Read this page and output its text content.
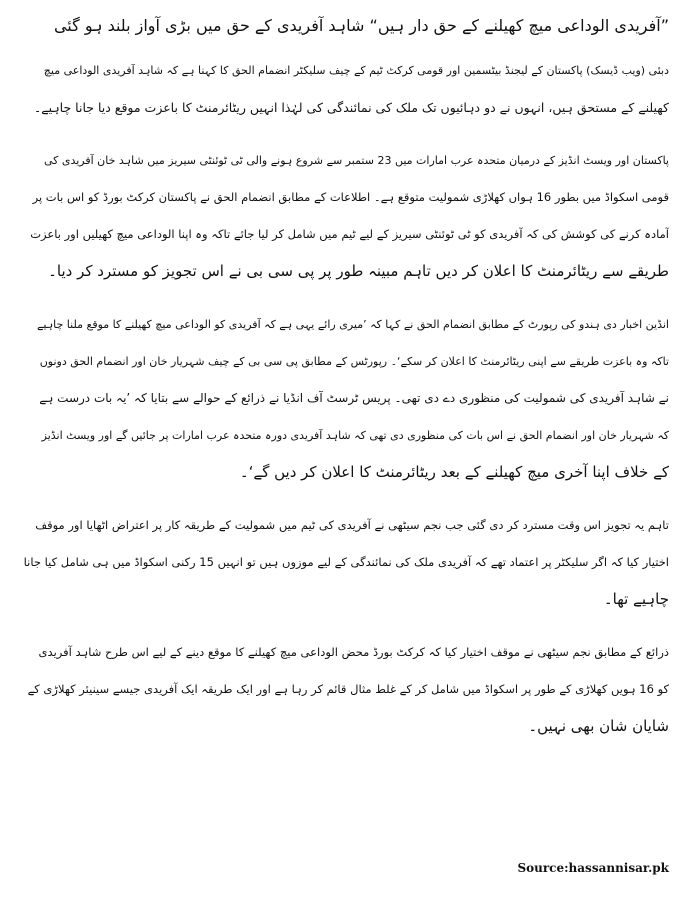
”آفریدی الوداعی میچ کھیلنے کے حق دار ہیں“ شاہد آفریدی کے حق میں بڑی آواز بلند ہو گئی

دبئی (ویب ڈیسک) پاکستان کے لیجنڈ بیٹسمین اور قومی کرکٹ ٹیم کے چیف سلیکٹر انضمام الحق کا کہنا ہے کہ شاہد آفریدی الوداعی میچ
کھیلنے کے مستحق ہیں، انہوں نے دو دہائیوں تک ملک کی نمائندگی کی لہٰذا انہیں ریٹائرمنٹ کا باعزت موقع دیا جانا چاہیے۔

پاکستان اور ویسٹ انڈیز کے درمیان متحدہ عرب امارات میں 23 ستمبر سے شروع ہونے والی ٹی ٹوئنٹی سیریز میں شاہد خان آفریدی کی
قومی اسکواڈ میں بطور 16 ہواں کھلاڑی شمولیت متوقع ہے۔ اطلاعات کے مطابق انضمام الحق نے پاکستان کرکٹ بورڈ کو اس بات پر
آمادہ کرنے کی کوشش کی کہ آفریدی کو ٹی ٹوئنٹی سیریز کے لیے ٹیم میں شامل کر لیا جائے تاکہ وہ اپنا الوداعی میچ کھیلیں اور باعزت
طریقے سے ریٹائرمنٹ کا اعلان کر دیں تاہم مبینہ طور پر پی سی بی نے اس تجویز کو مسترد کر دیا۔

انڈین اخبار دی ہندو کی رپورٹ کے مطابق انضمام الحق نے کہا کہ ’میری رائے یہی ہے کہ آفریدی کو الوداعی میچ کھیلنے کا موقع ملنا چاہیے
تاکہ وہ باعزت طریقے سے اپنی ریٹائرمنٹ کا اعلان کر سکے‘۔ رپورٹس کے مطابق پی سی بی کے چیف شہریار خان اور انضمام الحق دونوں
نے شاہد آفریدی کی شمولیت کی منظوری دے دی تھی۔ پریس ٹرسٹ آف انڈیا نے ذرائع کے حوالے سے بتایا کہ ’یہ بات درست ہے
کہ شہریار خان اور انضمام الحق نے اس بات کی منظوری دی تھی کہ شاہد آفریدی دورہ متحدہ عرب امارات پر جائیں گے اور ویسٹ انڈیز
کے خلاف اپنا آخری میچ کھیلنے کے بعد ریٹائرمنٹ کا اعلان کر دیں گے‘۔

تاہم یہ تجویز اس وقت مسترد کر دی گئی جب نجم سیٹھی نے آفریدی کی ٹیم میں شمولیت کے طریقہ کار پر اعتراض اٹھایا اور موقف
اختیار کیا کہ اگر سلیکٹر پر اعتماد تھے کہ آفریدی ملک کی نمائندگی کے لیے موزوں ہیں تو انہیں 15 رکنی اسکواڈ میں ہی شامل کیا جانا
چاہیے تھا۔

ذرائع کے مطابق نجم سیٹھی نے موقف اختیار کیا کہ کرکٹ بورڈ محض الوداعی میچ کھیلنے کا موقع دینے کے لیے اس طرح شاہد آفریدی
کو 16 ہویں کھلاڑی کے طور پر اسکواڈ میں شامل کر کے غلط مثال قائم کر رہا ہے اور ایک طریقہ ایک آفریدی جیسے سینیئر کھلاڑی کے
شایان شان بھی نہیں۔

Source:hassannisar.pk
